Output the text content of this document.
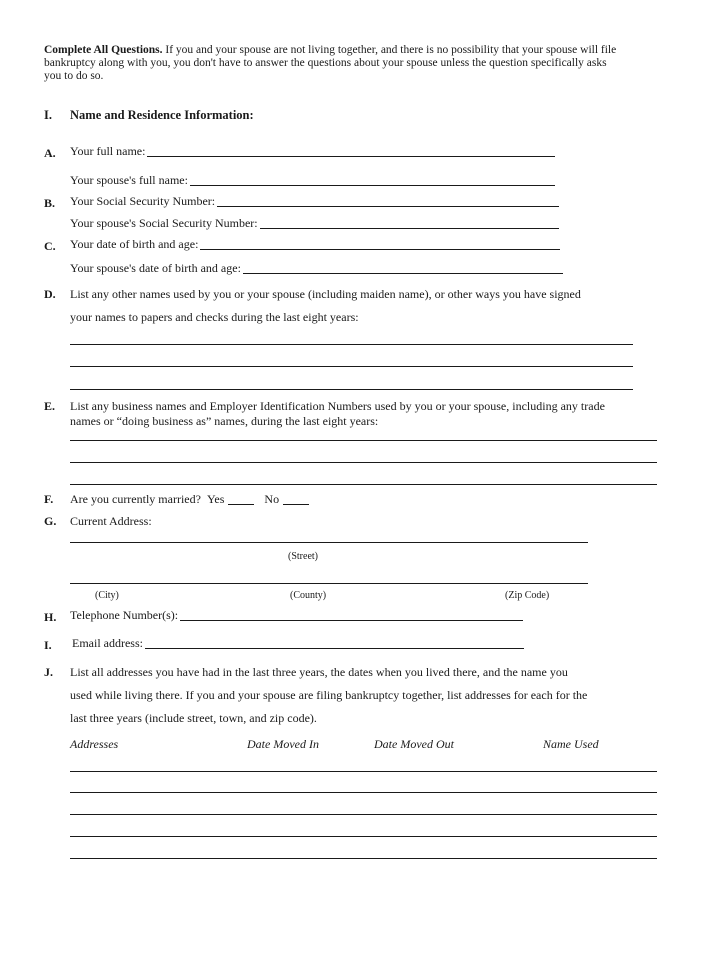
Complete All Questions. If you and your spouse are not living together, and there is no possibility that your spouse will file bankruptcy along with you, you don't have to answer the questions about your spouse unless the question specifically asks you to do so.
I. Name and Residence Information:
A. Your full name:
Your spouse's full name:
B. Your Social Security Number:
Your spouse's Social Security Number:
C. Your date of birth and age:
Your spouse's date of birth and age:
D. List any other names used by you or your spouse (including maiden name), or other ways you have signed
your names to papers and checks during the last eight years:
E. List any business names and Employer Identification Numbers used by you or your spouse, including any trade
names or “doing business as” names, during the last eight years:
F. Are you currently married? Yes	No
G. Current Address:
(Street)
(City)	(County)	(Zip Code)
H. Telephone Number(s):
I. Email address:
J. List all addresses you have had in the last three years, the dates when you lived there, and the name you
used while living there. If you and your spouse are filing bankruptcy together, list addresses for each for the
last three years (include street, town, and zip code).
Addresses	Date Moved In	Date Moved Out	Name Used
